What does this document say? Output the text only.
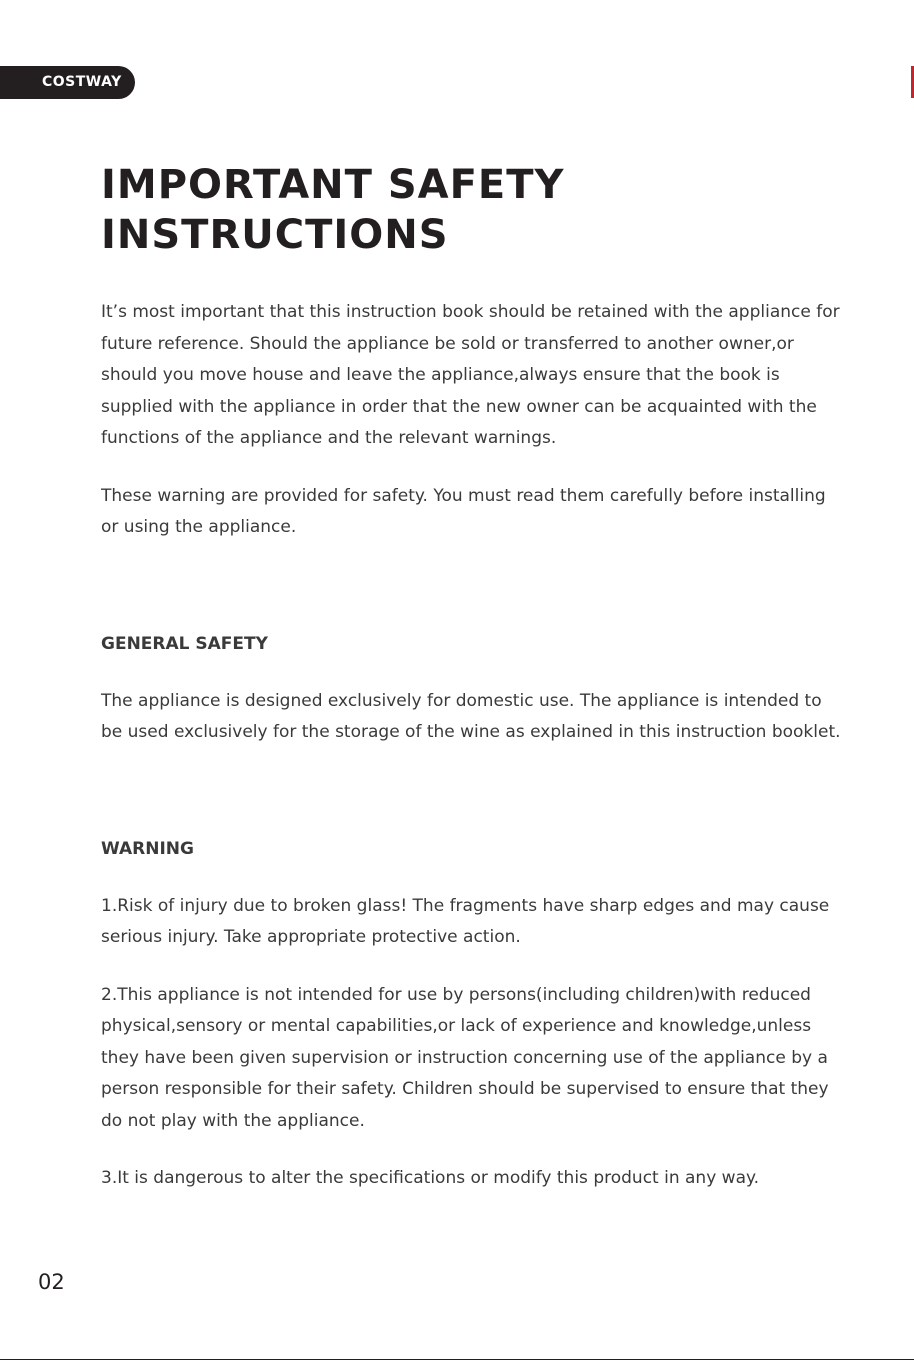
COSTWAY
IMPORTANT SAFETY
INSTRUCTIONS

It’s most important that this instruction book should be retained with the appliance for future reference. Should the appliance be sold or transferred to another owner,or should you move house and leave the appliance,always ensure that the book is supplied with the appliance in order that the new owner can be acquainted with the functions of the appliance and the relevant warnings.

These warning are provided for safety. You must read them carefully before installing or using the appliance.

GENERAL SAFETY

The appliance is designed exclusively for domestic use. The appliance is intended to be used exclusively for the storage of the wine as explained in this instruction booklet.

WARNING

1.Risk of injury due to broken glass! The fragments have sharp edges and may cause serious injury. Take appropriate protective action.

2.This appliance is not intended for use by persons(including children)with reduced physical,sensory or mental capabilities,or lack of experience and knowledge,unless they have been given supervision or instruction concerning use of the appliance by a person responsible for their safety. Children should be supervised to ensure that they do not play with the appliance.

3.It is dangerous to alter the specifications or modify this product in any way.

02
